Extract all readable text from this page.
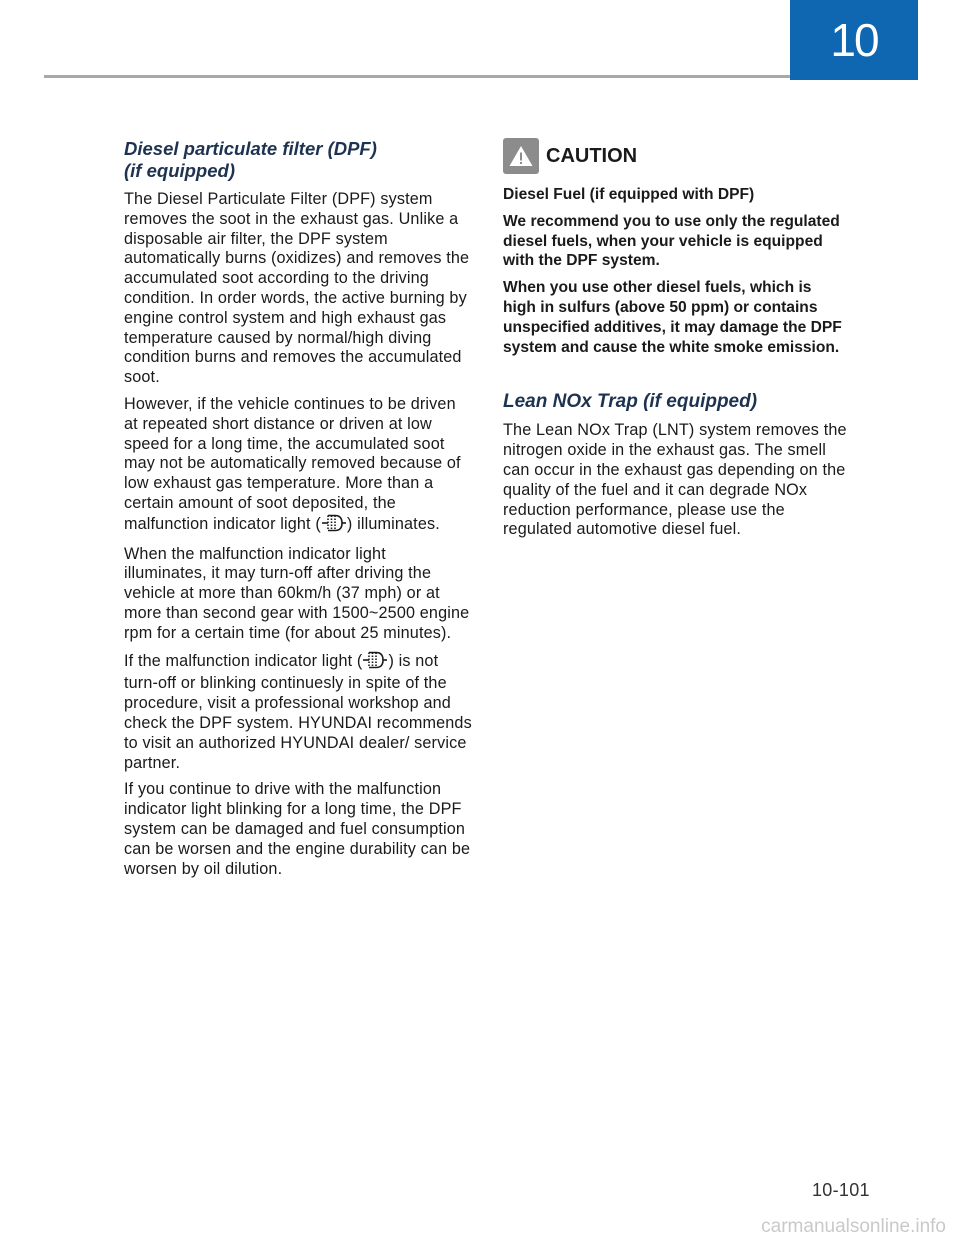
10
Diesel particulate filter (DPF)
(if equipped)

The Diesel Particulate Filter (DPF) system removes the soot in the exhaust gas. Unlike a disposable air filter, the DPF system automatically burns (oxidizes) and removes the accumulated soot according to the driving condition. In order words, the active burning by engine control system and high exhaust gas temperature caused by normal/high diving condition burns and removes the accumulated soot.

However, if the vehicle continues to be driven at repeated short distance or driven at low speed for a long time, the accumulated soot may not be automatically removed because of low exhaust gas temperature. More than a certain amount of soot deposited, the malfunction indicator light ( ) illuminates.

When the malfunction indicator light illuminates, it may turn-off after driving the vehicle at more than 60km/h (37 mph) or at more than second gear with 1500~2500 engine rpm for a certain time (for about 25 minutes).

If the malfunction indicator light ( ) is not turn-off or blinking continuesly in spite of the procedure, visit a professional workshop and check the DPF system. HYUNDAI recommends to visit an authorized HYUNDAI dealer/ service partner.

If you continue to drive with the malfunction indicator light blinking for a long time, the DPF system can be damaged and fuel consumption can be worsen and the engine durability can be worsen by oil dilution.

CAUTION

Diesel Fuel (if equipped with DPF)

We recommend you to use only the regulated diesel fuels, when your vehicle is equipped with the DPF system.

When you use other diesel fuels, which is high in sulfurs (above 50 ppm) or contains unspecified additives, it may damage the DPF system and cause the white smoke emission.

Lean NOx Trap (if equipped)

The Lean NOx Trap (LNT) system removes the nitrogen oxide in the exhaust gas. The smell can occur in the exhaust gas depending on the quality of the fuel and it can degrade NOx reduction performance, please use the regulated automotive diesel fuel.

10-101
carmanualsonline.info
